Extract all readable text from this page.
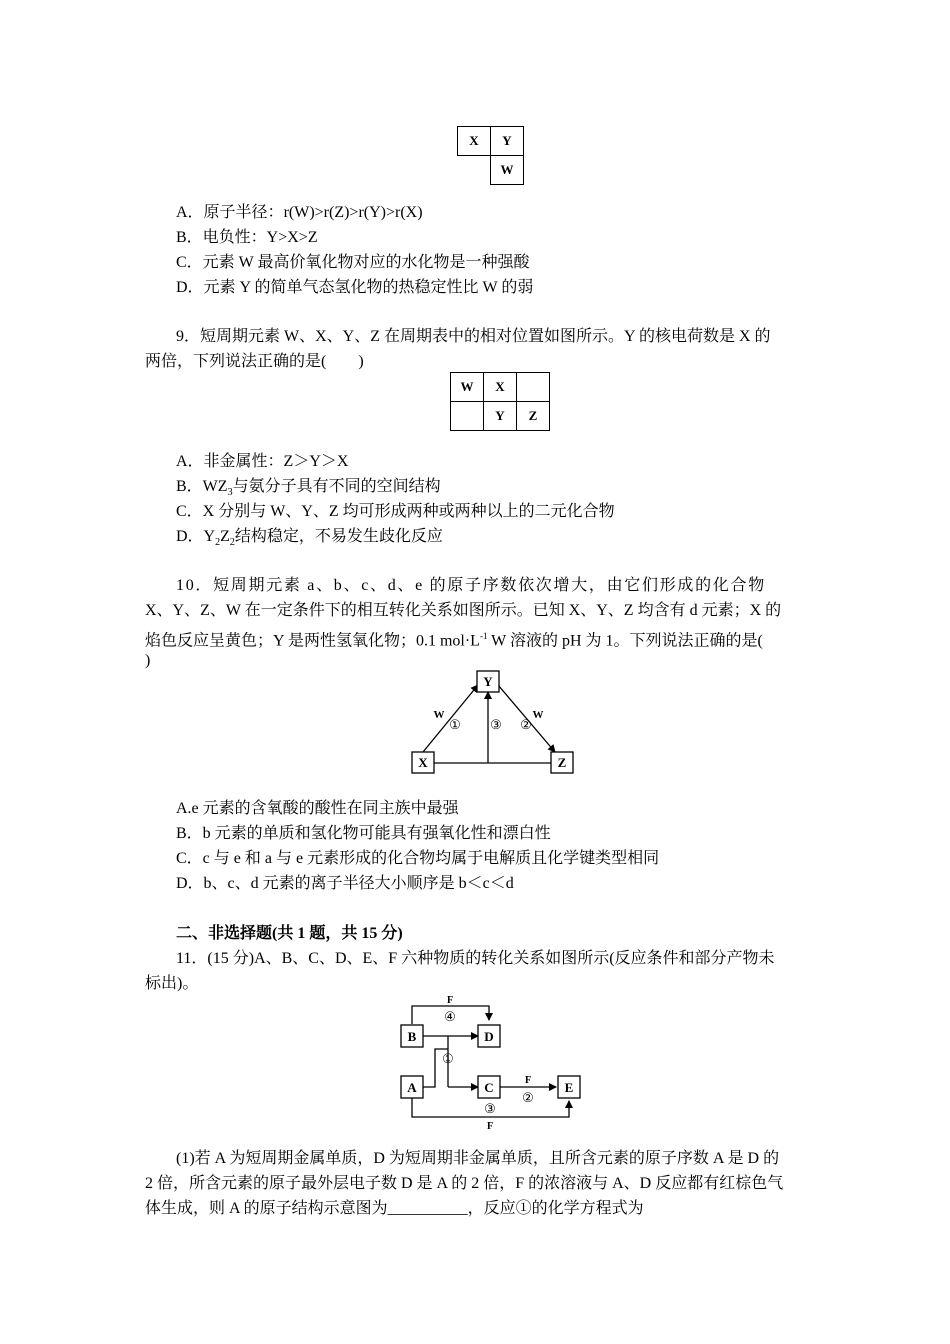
X	Y
	W
A．原子半径：r(W)>r(Z)>r(Y)>r(X)
B．电负性：Y>X>Z
C．元素 W 最高价氧化物对应的水化物是一种强酸
D．元素 Y 的简单气态氢化物的热稳定性比 W 的弱
9．短周期元素 W、X、Y、Z 在周期表中的相对位置如图所示。Y 的核电荷数是 X 的
两倍，下列说法正确的是(　　)
W	X	
	Y	Z
A．非金属性：Z＞Y＞X
B．$WZ_3$与氨分子具有不同的空间结构
C．X 分别与 W、Y、Z 均可形成两种或两种以上的二元化合物
D．$Y_2Z_2$结构稳定，不易发生歧化反应
10．短周期元素 a、b、c、d、e 的原子序数依次增大，由它们形成的化合物
X、Y、Z、W 在一定条件下的相互转化关系如图所示。已知 X、Y、Z 均含有 d 元素；X 的
焰色反应呈黄色；Y 是两性氢氧化物；0.1 $mol\cdot L^{-1}$ W 溶液的 pH 为 1。下列说法正确的是(
)
X
Y
Z
W
① ③
W
②
A.e 元素的含氧酸的酸性在同主族中最强
B．b 元素的单质和氢化物可能具有强氧化性和漂白性
C．c 与 e 和 a 与 e 元素形成的化合物均属于电解质且化学键类型相同
D．b、c、d 元素的离子半径大小顺序是 b＜c＜d
二、非选择题(共 1 题，共 15 分)
11．(15 分)A、B、C、D、E、F 六种物质的转化关系如图所示(反应条件和部分产物未
标出)。
B	D
A	C	E
F
④
①
F
②
③
F
(1)若 A 为短周期金属单质，D 为短周期非金属单质，且所含元素的原子序数 A 是 D 的
2 倍，所含元素的原子最外层电子数 D 是 A 的 2 倍，F 的浓溶液与 A、D 反应都有红棕色气
体生成，则 A 的原子结构示意图为__________，反应①的化学方程式为
